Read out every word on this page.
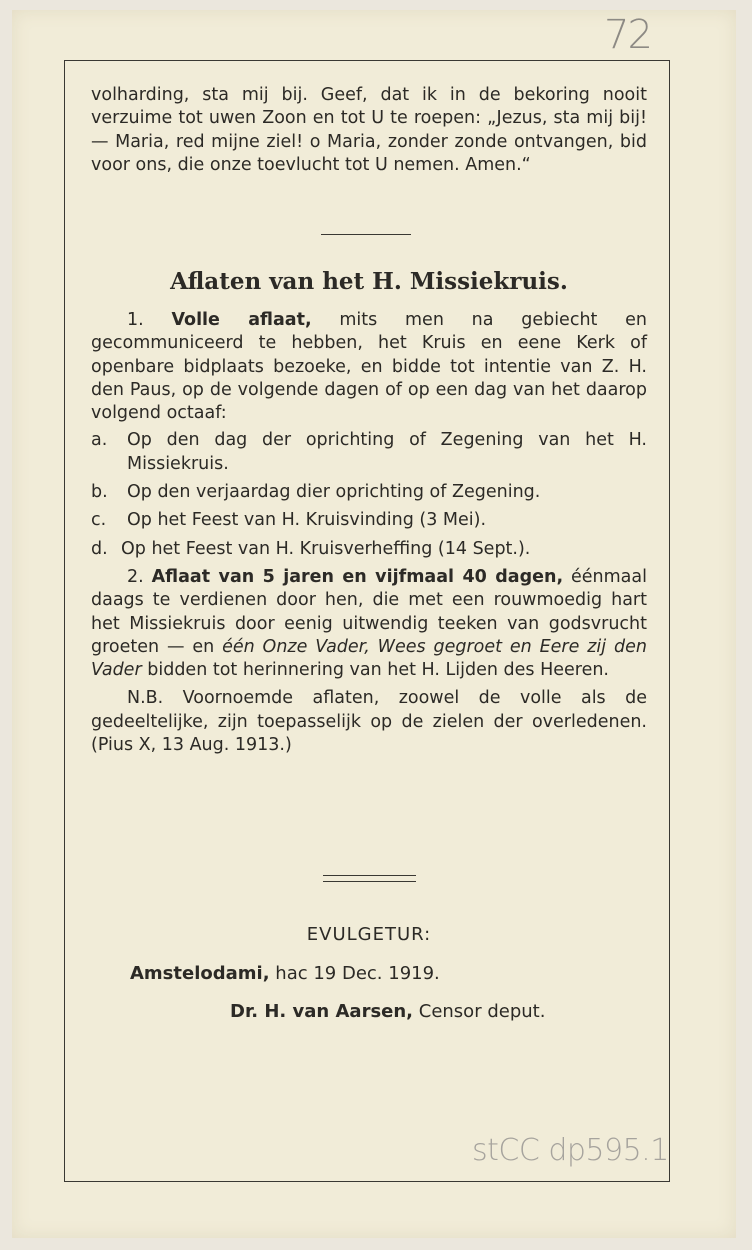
72

volharding, sta mij bij. Geef, dat ik in de bekoring nooit verzuime tot uwen Zoon en tot U te roepen: „Jezus, sta mij bij! — Maria, red mijne ziel! o Maria, zonder zonde ontvangen, bid voor ons, die onze toevlucht tot U nemen. Amen.“

Aflaten van het H. Missiekruis.

1. Volle aflaat, mits men na gebiecht en gecommuniceerd te hebben, het Kruis en eene Kerk of openbare bidplaats bezoeke, en bidde tot intentie van Z. H. den Paus, op de volgende dagen of op een dag van het daarop volgend octaaf:

a.	Op den dag der oprichting of Zegening van het H. Missiekruis.
b.	Op den verjaardag dier oprichting of Zegening.
c.	Op het Feest van H. Kruisvinding (3 Mei).
d. Op het Feest van H. Kruisverheffing (14 Sept.).

2. Aflaat van 5 jaren en vijfmaal 40 dagen, éénmaal daags te verdienen door hen, die met een rouwmoedig hart het Missiekruis door eenig uitwendig teeken van godsvrucht groeten — en één Onze Vader, Wees gegroet en Eere zij den Vader bidden tot herinnering van het H. Lijden des Heeren.

N.B. Voornoemde aflaten, zoowel de volle als de gedeeltelijke, zijn toepasselijk op de zielen der overledenen. (Pius X, 13 Aug. 1913.)

EVULGETUR:
Amstelodami, hac 19 Dec. 1919.
Dr. H. van Aarsen, Censor deput.
stCC dp595.1
